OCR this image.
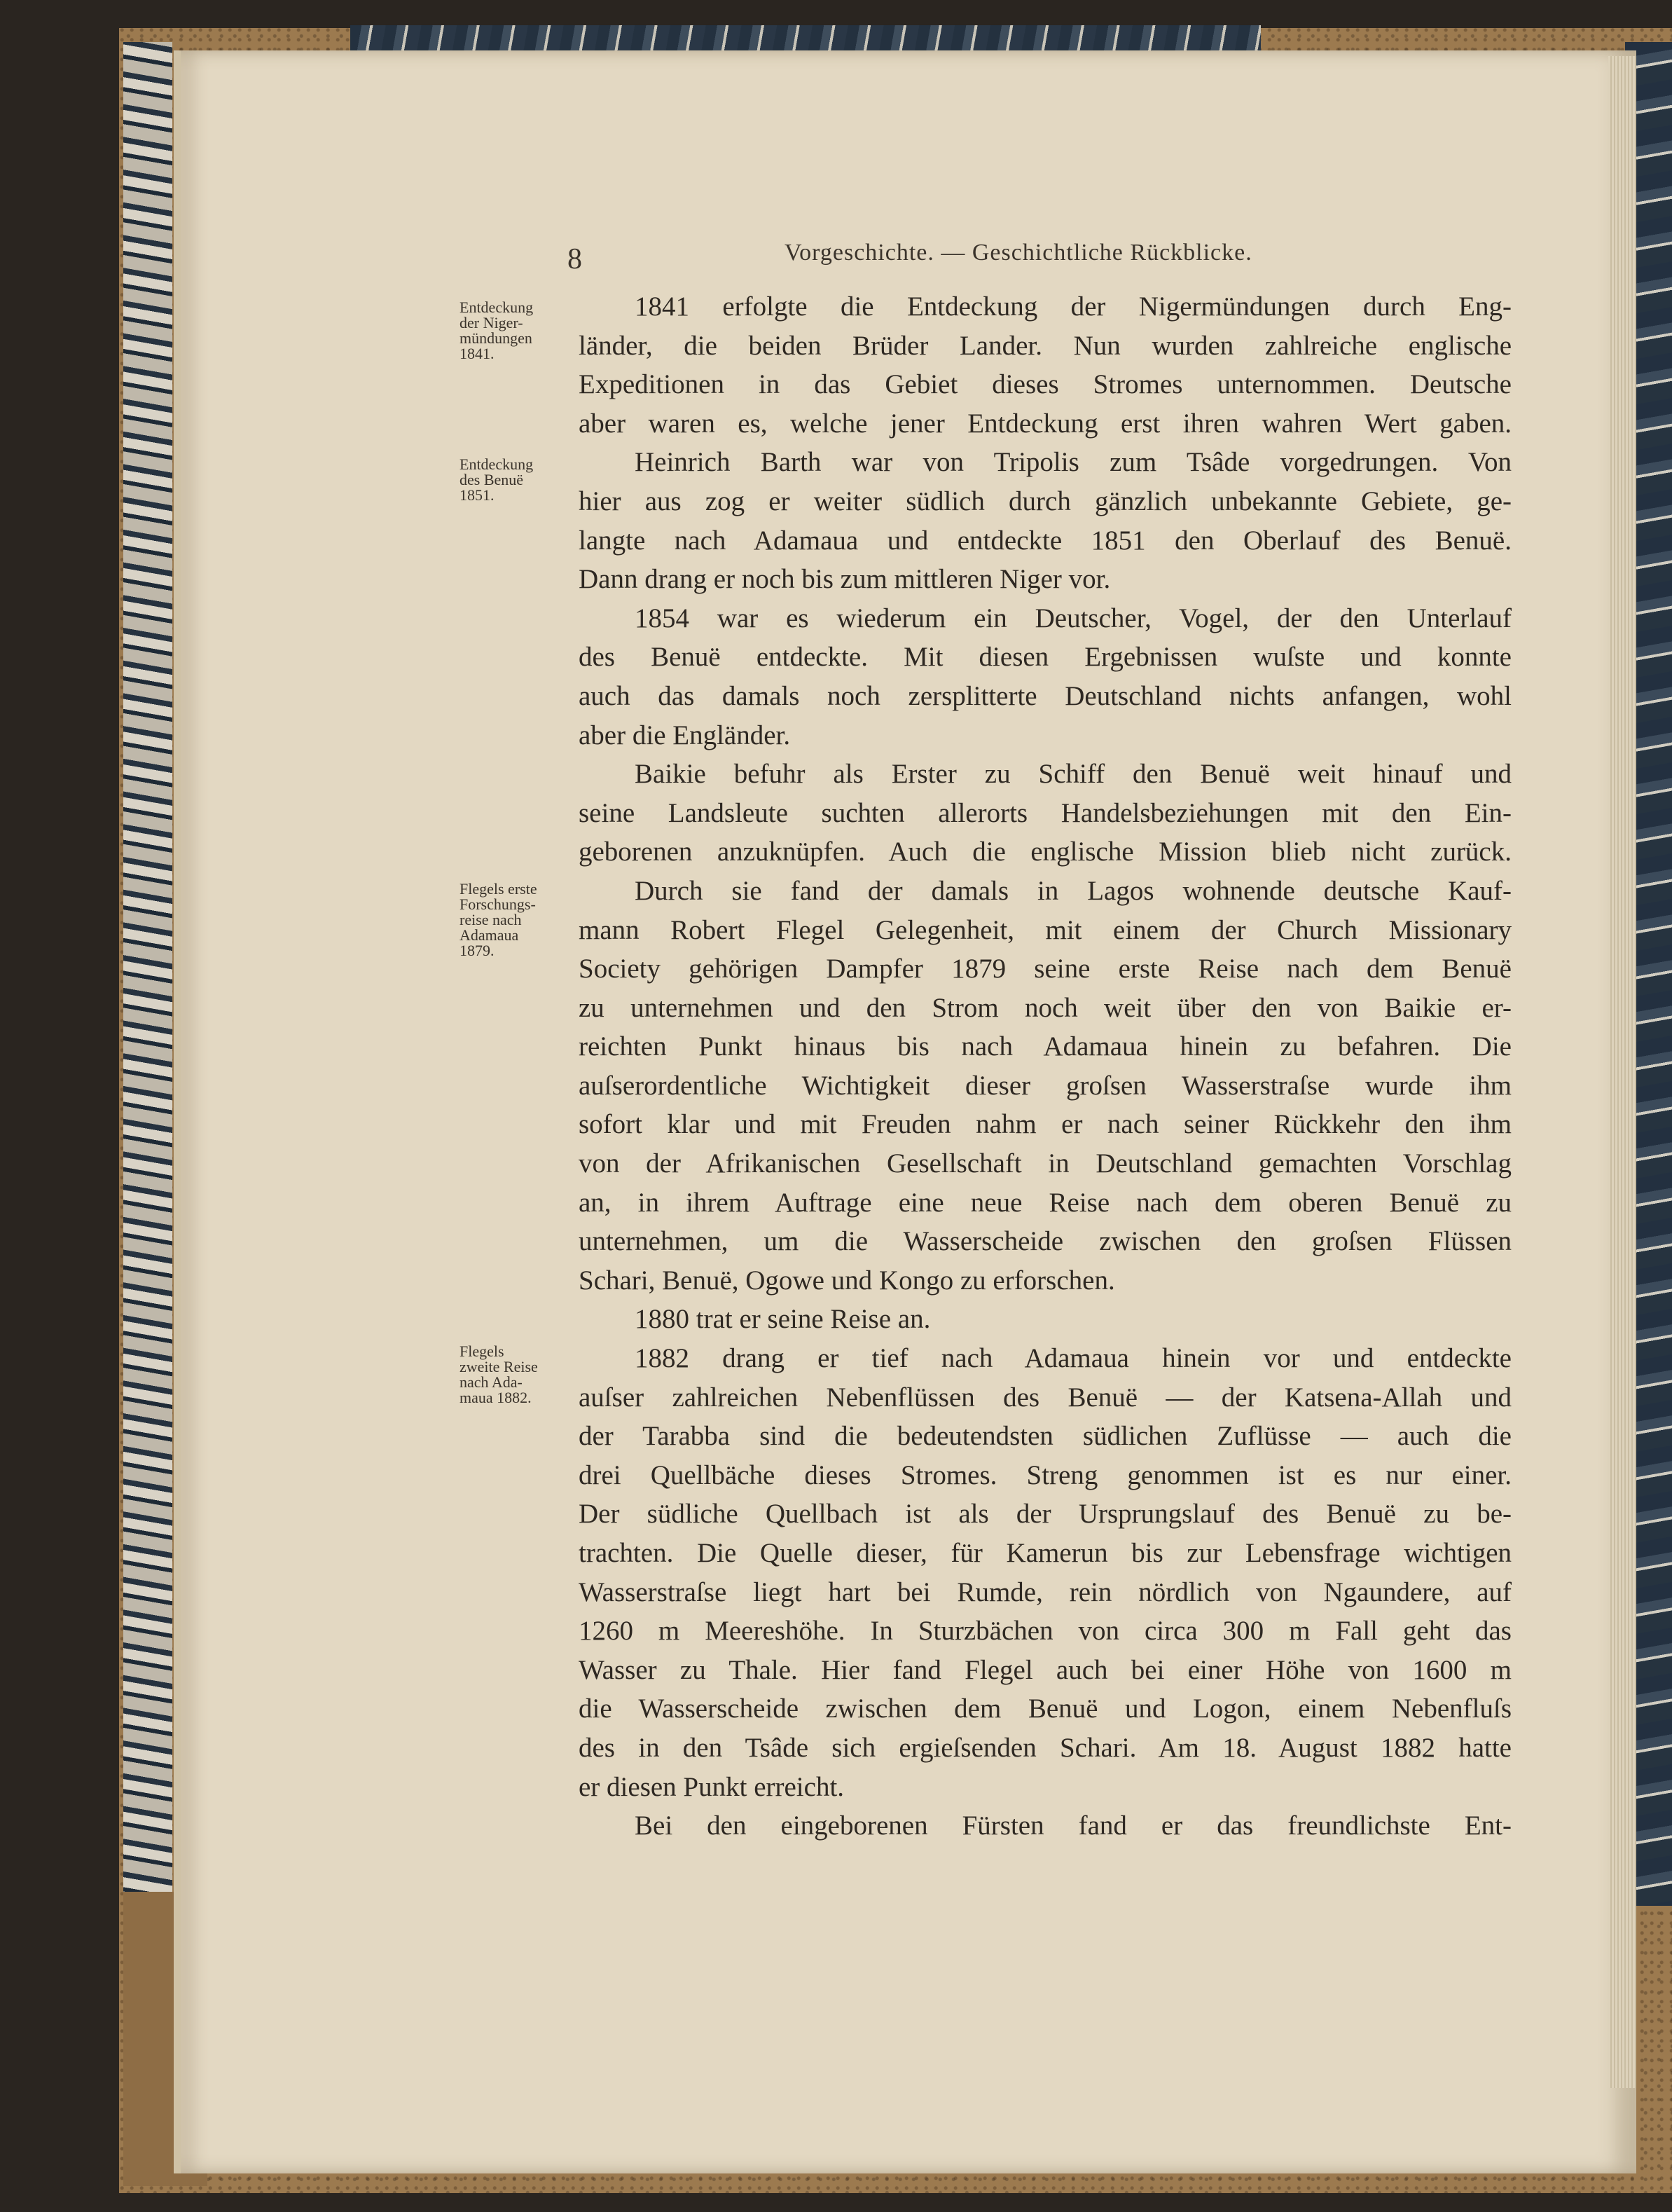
8	Vorgeschichte. — Geschichtliche Rückblicke.
Entdeckung
der Niger-
mündungen
1841.
Entdeckung
des Benuë
1851.
Flegels erste
Forschungs-
reise nach
Adamaua
1879.
Flegels
zweite Reise
nach Ada-
maua 1882.
1841 erfolgte die Entdeckung der Nigermündungen durch Eng-
länder, die beiden Brüder Lander. Nun wurden zahlreiche englische
Expeditionen in das Gebiet dieses Stromes unternommen. Deutsche
aber waren es, welche jener Entdeckung erst ihren wahren Wert gaben.
Heinrich Barth war von Tripolis zum Tsâde vorgedrungen. Von
hier aus zog er weiter südlich durch gänzlich unbekannte Gebiete, ge-
langte nach Adamaua und entdeckte 1851 den Oberlauf des Benuë.
Dann drang er noch bis zum mittleren Niger vor.
1854 war es wiederum ein Deutscher, Vogel, der den Unterlauf
des Benuë entdeckte. Mit diesen Ergebnissen wuſste und konnte
auch das damals noch zersplitterte Deutschland nichts anfangen, wohl
aber die Engländer.
Baikie befuhr als Erster zu Schiff den Benuë weit hinauf und
seine Landsleute suchten allerorts Handelsbeziehungen mit den Ein-
geborenen anzuknüpfen. Auch die englische Mission blieb nicht zurück.
Durch sie fand der damals in Lagos wohnende deutsche Kauf-
mann Robert Flegel Gelegenheit, mit einem der Church Missionary
Society gehörigen Dampfer 1879 seine erste Reise nach dem Benuë
zu unternehmen und den Strom noch weit über den von Baikie er-
reichten Punkt hinaus bis nach Adamaua hinein zu befahren. Die
auſserordentliche Wichtigkeit dieser groſsen Wasserstraſse wurde ihm
sofort klar und mit Freuden nahm er nach seiner Rückkehr den ihm
von der Afrikanischen Gesellschaft in Deutschland gemachten Vorschlag
an, in ihrem Auftrage eine neue Reise nach dem oberen Benuë zu
unternehmen, um die Wasserscheide zwischen den groſsen Flüssen
Schari, Benuë, Ogowe und Kongo zu erforschen.
1880 trat er seine Reise an.
1882 drang er tief nach Adamaua hinein vor und entdeckte
auſser zahlreichen Nebenflüssen des Benuë — der Katsena-Allah und
der Tarabba sind die bedeutendsten südlichen Zuflüsse — auch die
drei Quellbäche dieses Stromes. Streng genommen ist es nur einer.
Der südliche Quellbach ist als der Ursprungslauf des Benuë zu be-
trachten. Die Quelle dieser, für Kamerun bis zur Lebensfrage wichtigen
Wasserstraſse liegt hart bei Rumde, rein nördlich von Ngaundere, auf
1260 m Meereshöhe. In Sturzbächen von circa 300 m Fall geht das
Wasser zu Thale. Hier fand Flegel auch bei einer Höhe von 1600 m
die Wasserscheide zwischen dem Benuë und Logon, einem Nebenfluſs
des in den Tsâde sich ergieſsenden Schari. Am 18. August 1882 hatte
er diesen Punkt erreicht.
Bei den eingeborenen Fürsten fand er das freundlichste Ent-
